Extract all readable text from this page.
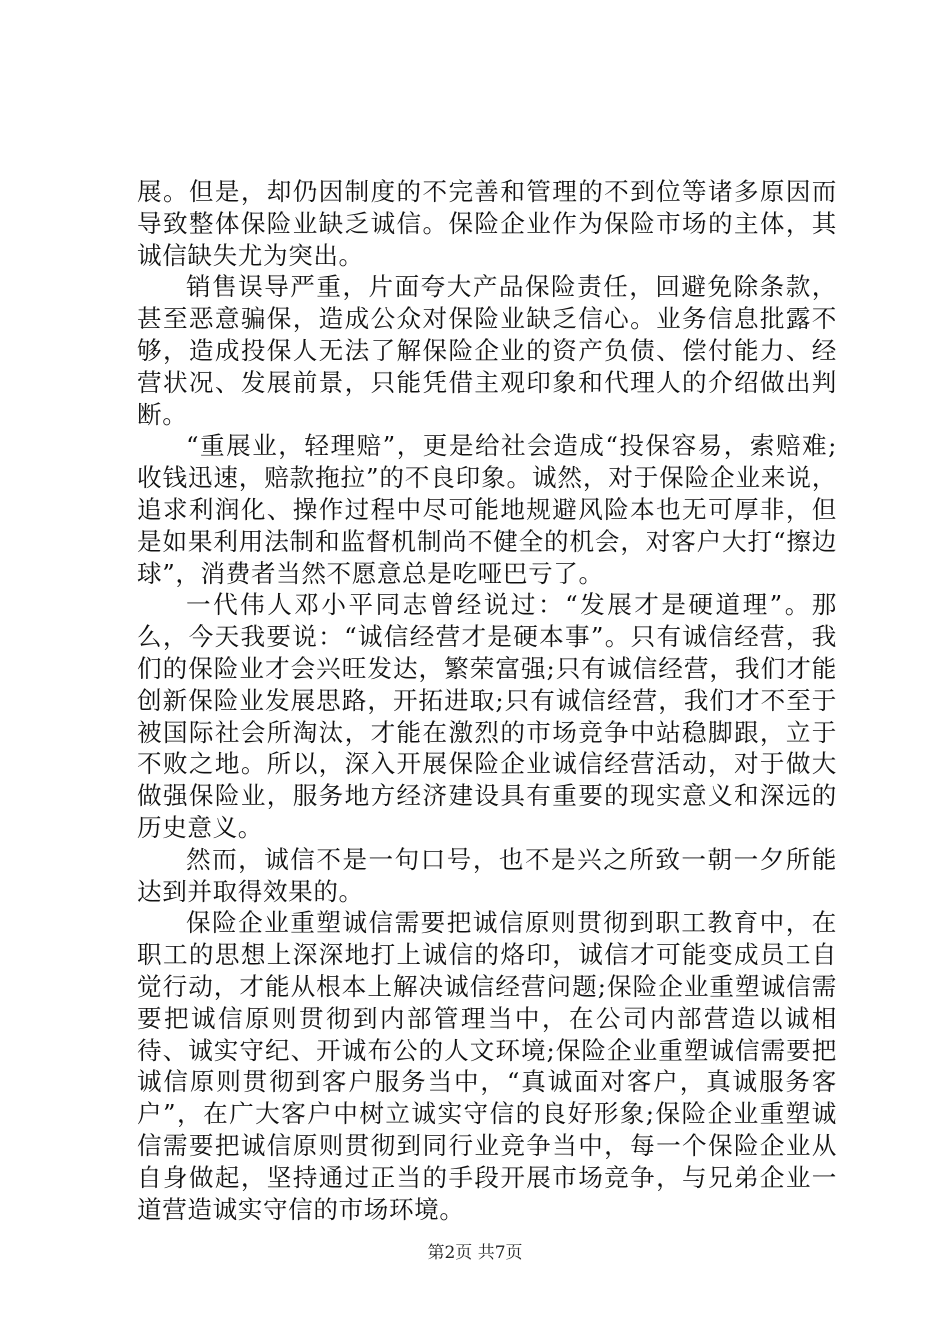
展。但是，却仍因制度的不完善和管理的不到位等诸多原因而导致整体保险业缺乏诚信。保险企业作为保险市场的主体，其诚信缺失尤为突出。

销售误导严重，片面夸大产品保险责任，回避免除条款，甚至恶意骗保，造成公众对保险业缺乏信心。业务信息批露不够，造成投保人无法了解保险企业的资产负债、偿付能力、经营状况、发展前景，只能凭借主观印象和代理人的介绍做出判断。

“重展业，轻理赔”，更是给社会造成“投保容易，索赔难;收钱迅速，赔款拖拉”的不良印象。诚然，对于保险企业来说，追求利润化、操作过程中尽可能地规避风险本也无可厚非，但是如果利用法制和监督机制尚不健全的机会，对客户大打“擦边球”，消费者当然不愿意总是吃哑巴亏了。

一代伟人邓小平同志曾经说过：“发展才是硬道理”。那么，今天我要说：“诚信经营才是硬本事”。只有诚信经营，我们的保险业才会兴旺发达，繁荣富强;只有诚信经营，我们才能创新保险业发展思路，开拓进取;只有诚信经营，我们才不至于被国际社会所淘汰，才能在激烈的市场竞争中站稳脚跟，立于不败之地。所以，深入开展保险企业诚信经营活动，对于做大做强保险业，服务地方经济建设具有重要的现实意义和深远的历史意义。

然而，诚信不是一句口号，也不是兴之所致一朝一夕所能达到并取得效果的。

保险企业重塑诚信需要把诚信原则贯彻到职工教育中，在职工的思想上深深地打上诚信的烙印，诚信才可能变成员工自觉行动，才能从根本上解决诚信经营问题;保险企业重塑诚信需要把诚信原则贯彻到内部管理当中，在公司内部营造以诚相待、诚实守纪、开诚布公的人文环境;保险企业重塑诚信需要把诚信原则贯彻到客户服务当中，“真诚面对客户，真诚服务客户”，在广大客户中树立诚实守信的良好形象;保险企业重塑诚信需要把诚信原则贯彻到同行业竞争当中，每一个保险企业从自身做起，坚持通过正当的手段开展市场竞争，与兄弟企业一道营造诚实守信的市场环境。

第2页 共7页
